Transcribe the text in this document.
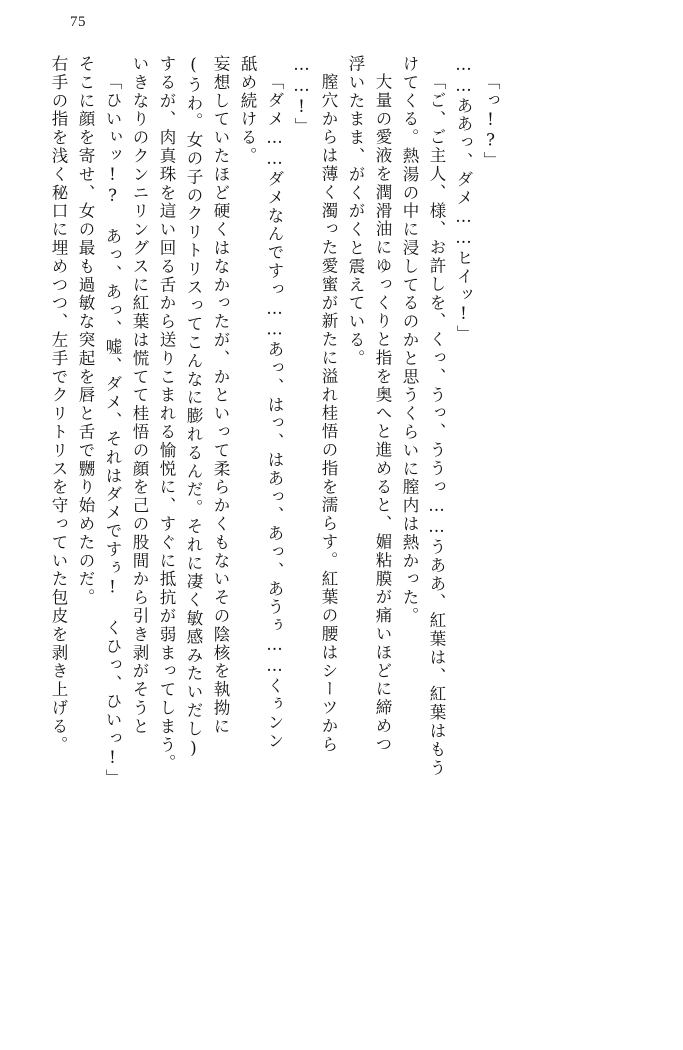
75
右手の指を浅く秘口に埋めつつ、左手でクリトリスを守っていた包皮を剥き上げる。 そこに顔を寄せ、女の最も過敏な突起を唇と舌で嬲り始めたのだ。 「ひいぃッ!? あっ、あっ、嘘、ダメ、それはダメですぅ! くひっ、ひいっ!」 いきなりのクンニリングスに紅葉は慌てて桂悟の顔を己の股間から引き剥がそうと するが、肉真珠を這い回る舌から送りこまれる愉悦に、すぐに抵抗が弱まってしまう。 (うわ。女の子のクリトリスってこんなに膨れるんだ。それに凄く敏感みたいだし) 妄想していたほど硬くはなかったが、かといって柔らかくもないその陰核を執拗に 舐め続ける。 「ダメ……ダメなんですっ……あっ、はっ、はあっ、あっ、あうぅ……くぅンン ……!」 膣穴からは薄く濁った愛蜜が新たに溢れ桂悟の指を濡らす。紅葉の腰はシーツから 浮いたまま、がくがくと震えている。 大量の愛液を潤滑油にゆっくりと指を奥へと進めると、媚粘膜が痛いほどに締めつ けてくる。熱湯の中に浸してるのかと思うくらいに膣内は熱かった。 「ご、ご主人、様、お許しを、くっ、うっ、ううっ……うああ、紅葉は、紅葉はもう ……ああっ、ダメ……ヒイッ!」 「っ!?」
